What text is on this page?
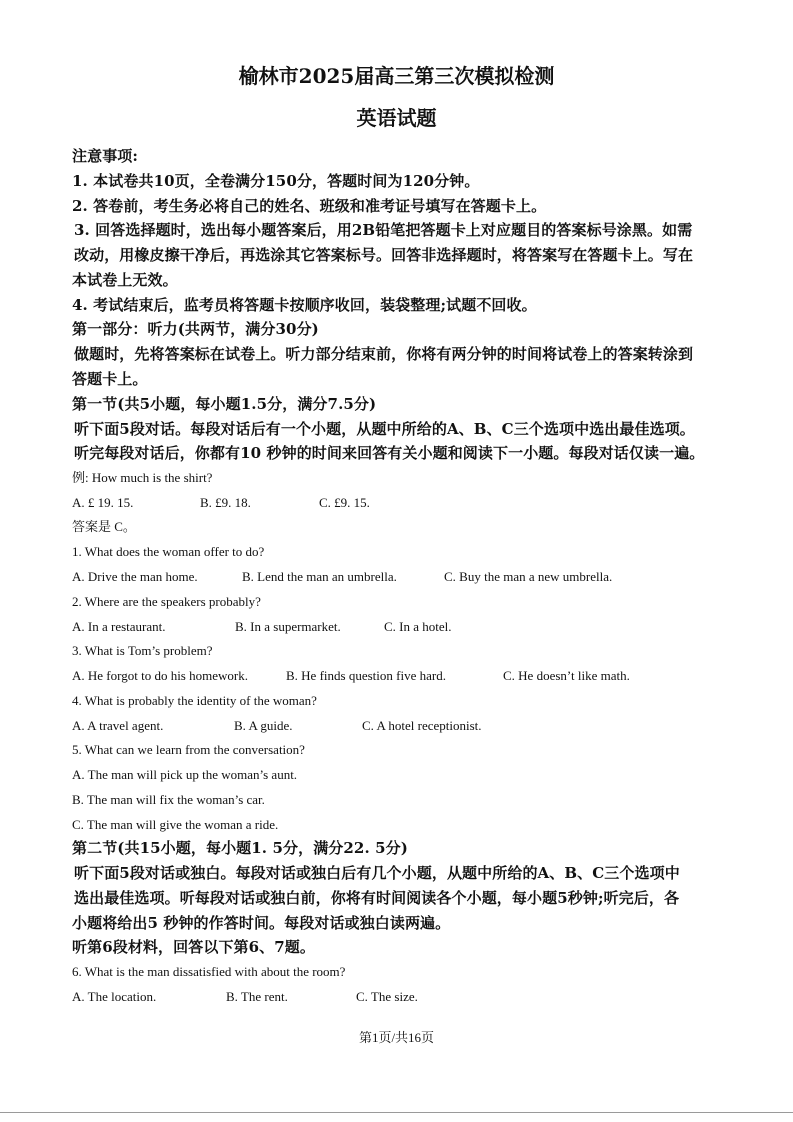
榆林市2025届高三第三次模拟检测
英语试题
注意事项:
1. 本试卷共10页，全卷满分150分，答题时间为120分钟。
2. 答卷前，考生务必将自己的姓名、班级和准考证号填写在答题卡上。
3. 回答选择题时，选出每小题答案后，用2B铅笔把答题卡上对应题目的答案标号涂黑。如需
改动，用橡皮擦干净后，再选涂其它答案标号。回答非选择题时，将答案写在答题卡上。写在
本试卷上无效。
4. 考试结束后，监考员将答题卡按顺序收回，装袋整理;试题不回收。
第一部分：听力(共两节，满分30分)
做题时，先将答案标在试卷上。听力部分结束前，你将有两分钟的时间将试卷上的答案转涂到
答题卡上。
第一节(共5小题，每小题1.5分，满分7.5分)
听下面5段对话。每段对话后有一个小题，从题中所给的A、B、C三个选项中选出最佳选项。
听完每段对话后，你都有10 秒钟的时间来回答有关小题和阅读下一小题。每段对话仅读一遍。
例: How much is the shirt?
A. £ 19. 15.	B. £9. 18.	C. £9. 15.
答案是 C。
1. What does the woman offer to do?
A. Drive the man home.	B. Lend the man an umbrella.	C. Buy the man a new umbrella.
2. Where are the speakers probably?
A. In a restaurant.	B. In a supermarket.	C. In a hotel.
3. What is Tom’s problem?
A. He forgot to do his homework.	B. He finds question five hard.	C. He doesn’t like math.
4. What is probably the identity of the woman?
A. A travel agent.	B. A guide.	C. A hotel receptionist.
5. What can we learn from the conversation?
A. The man will pick up the woman’s aunt.
B. The man will fix the woman’s car.
C. The man will give the woman a ride.
第二节(共15小题，每小题1. 5分，满分22. 5分)
听下面5段对话或独白。每段对话或独白后有几个小题，从题中所给的A、B、C三个选项中
选出最佳选项。听每段对话或独白前，你将有时间阅读各个小题，每小题5秒钟;听完后，各
小题将给出5 秒钟的作答时间。每段对话或独白读两遍。
听第6段材料，回答以下第6、7题。
6. What is the man dissatisfied with about the room?
A. The location.	B. The rent.	C. The size.
第1页/共16页
